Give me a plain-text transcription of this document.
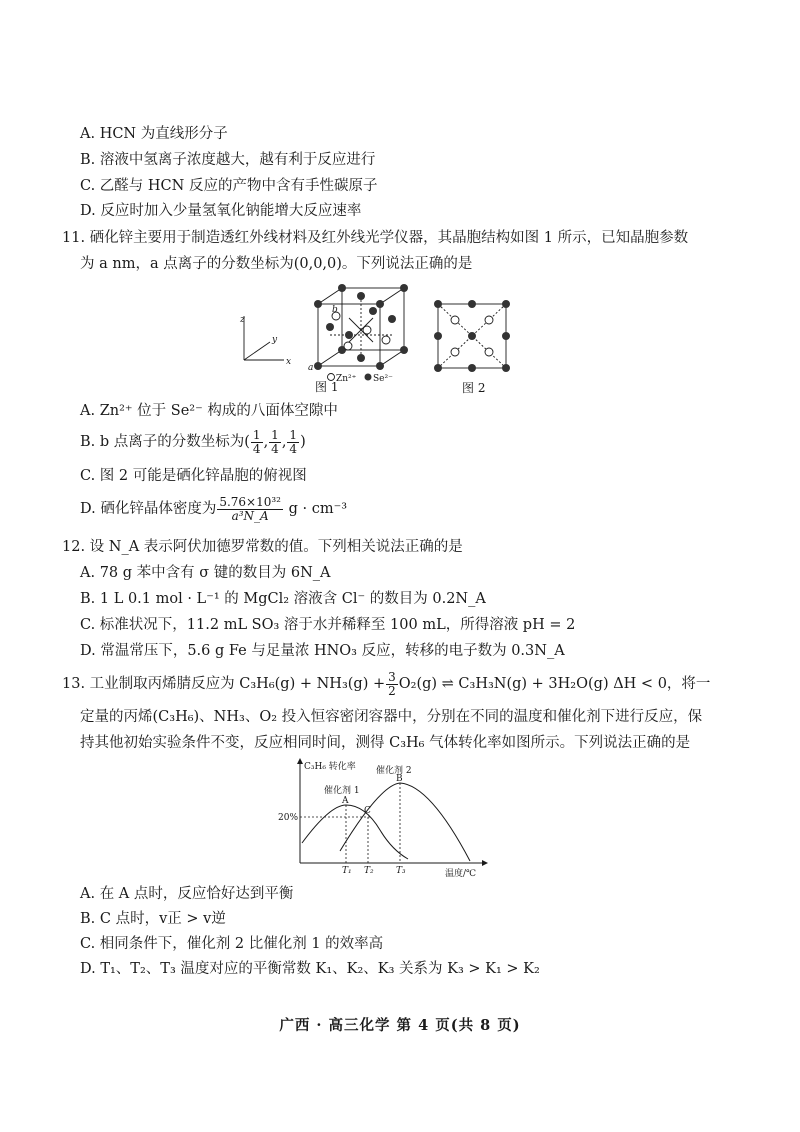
A. HCN 为直线形分子
B. 溶液中氢离子浓度越大，越有利于反应进行
C. 乙醛与 HCN 反应的产物中含有手性碳原子
D. 反应时加入少量氢氧化钠能增大反应速率
11. 硒化锌主要用于制造透红外线材料及红外线光学仪器，其晶胞结构如图 1 所示，已知晶胞参数
为 a nm，a 点离子的分数坐标为(0,0,0)。下列说法正确的是
z
x
y
a
b
Zn²⁺ Se²⁻
图 1	图 2
A. Zn²⁺ 位于 Se²⁻ 构成的八面体空隙中
B. b 点离子的分数坐标为( $\frac{1}{4}$ , $\frac{1}{4}$ , $\frac{1}{4}$ )
C. 图 2 可能是硒化锌晶胞的俯视图
D. 硒化锌晶体密度为 $\frac{\text{5.76×10³²}}{\text{a³N\_A}}$ g · cm⁻³
12. 设 N_A 表示阿伏加德罗常数的值。下列相关说法正确的是
A. 78 g 苯中含有 σ 键的数目为 6N_A
B. 1 L 0.1 mol · L⁻¹ 的 MgCl₂ 溶液含 Cl⁻ 的数目为 0.2N_A
C. 标准状况下，11.2 mL SO₃ 溶于水并稀释至 100 mL，所得溶液 pH = 2
D. 常温常压下，5.6 g Fe 与足量浓 HNO₃ 反应，转移的电子数为 0.3N_A
13. 工业制取丙烯腈反应为 $C_3H_6(g) + NH_3(g) + \frac{3}{2} O_2(g)$ ⇌ C₃H₃N(g) + 3H₂O(g) ΔH < 0，将一
定量的丙烯(C₃H₆)、NH₃、O₂ 投入恒容密闭容器中，分别在不同的温度和催化剂下进行反应，保
持其他初始实验条件不变，反应相同时间，测得 C₃H₆ 气体转化率如图所示。下列说法正确的是
C₃H₆ 转化率
温度/℃
20%
T₁ T₂ T₃
催化剂 1
催化剂 2
A
B
C
A. 在 A 点时，反应恰好达到平衡
B. C 点时，v正 > v逆
C. 相同条件下，催化剂 2 比催化剂 1 的效率高
D. T₁、T₂、T₃ 温度对应的平衡常数 K₁、K₂、K₃ 关系为 K₃ > K₁ > K₂
广西 · 高三化学 第 4 页(共 8 页)
